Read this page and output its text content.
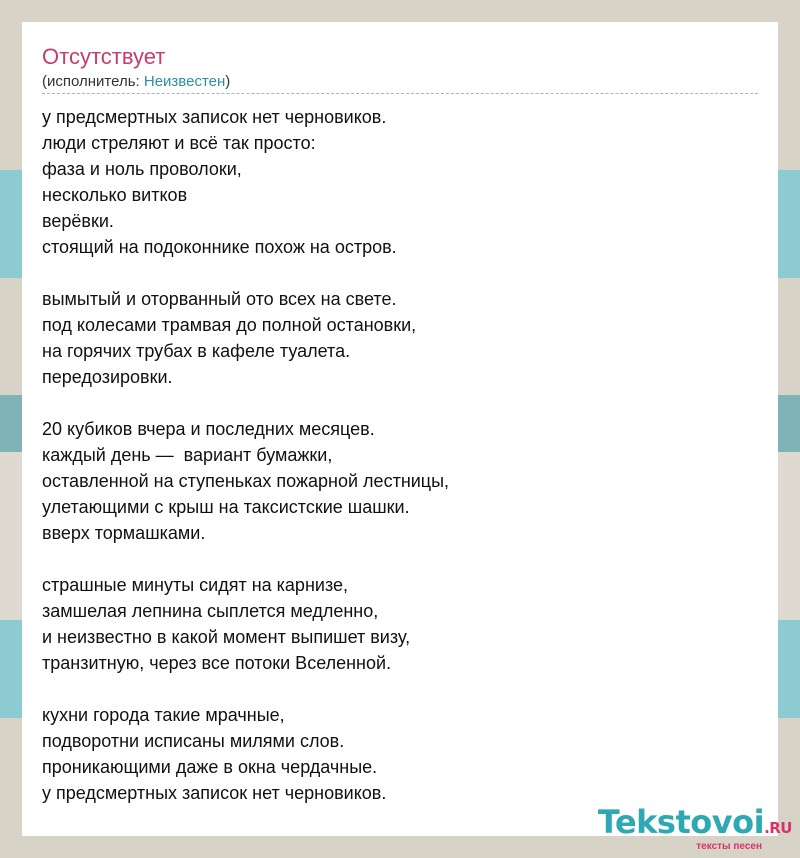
Отсутствует
(исполнитель: Неизвестен)
у предсмертных записок нет черновиков.
люди стреляют и всё так просто:
фаза и ноль проволоки,
несколько витков
верёвки.
стоящий на подоконнике похож на остров.
вымытый и оторванный ото всех на свете.
под колесами трамвая до полной остановки,
на горячих трубах в кафеле туалета.
передозировки.
20 кубиков вчера и последних месяцев.
каждый день —  вариант бумажки,
оставленной на ступеньках пожарной лестницы,
улетающими с крыш на таксистские шашки.
вверх тормашками.
страшные минуты сидят на карнизе,
замшелая лепнина сыплется медленно,
и неизвестно в какой момент выпишет визу,
транзитную, через все потоки Вселенной.
кухни города такие мрачные,
подворотни исписаны милями слов.
проникающими даже в окна чердачные.
у предсмертных записок нет черновиков.
Tekstovoi.RU
тексты песен
